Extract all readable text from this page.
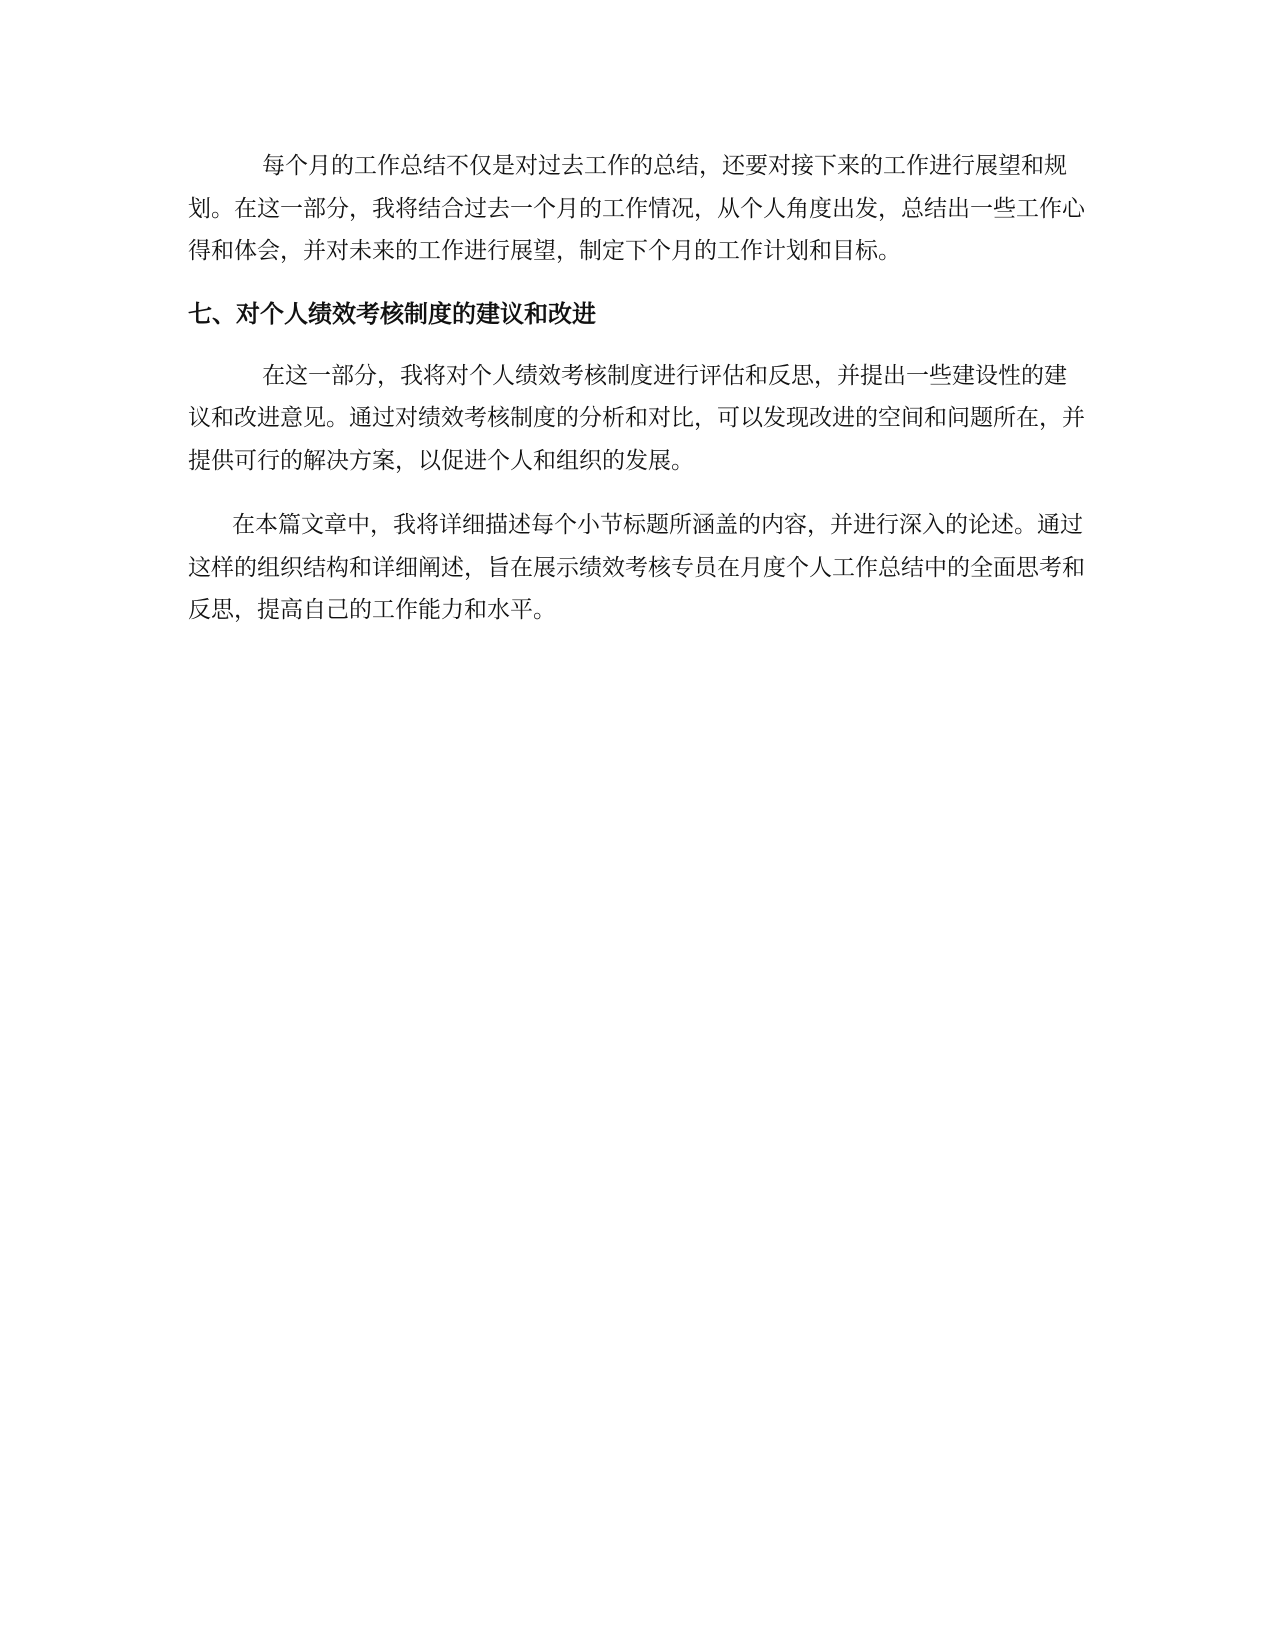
每个月的工作总结不仅是对过去工作的总结，还要对接下来的工作进行展望和规划。在这一部分，我将结合过去一个月的工作情况，从个人角度出发，总结出一些工作心得和体会，并对未来的工作进行展望，制定下个月的工作计划和目标。

七、对个人绩效考核制度的建议和改进

在这一部分，我将对个人绩效考核制度进行评估和反思，并提出一些建设性的建议和改进意见。通过对绩效考核制度的分析和对比，可以发现改进的空间和问题所在，并提供可行的解决方案，以促进个人和组织的发展。

在本篇文章中，我将详细描述每个小节标题所涵盖的内容，并进行深入的论述。通过这样的组织结构和详细阐述，旨在展示绩效考核专员在月度个人工作总结中的全面思考和反思，提高自己的工作能力和水平。
